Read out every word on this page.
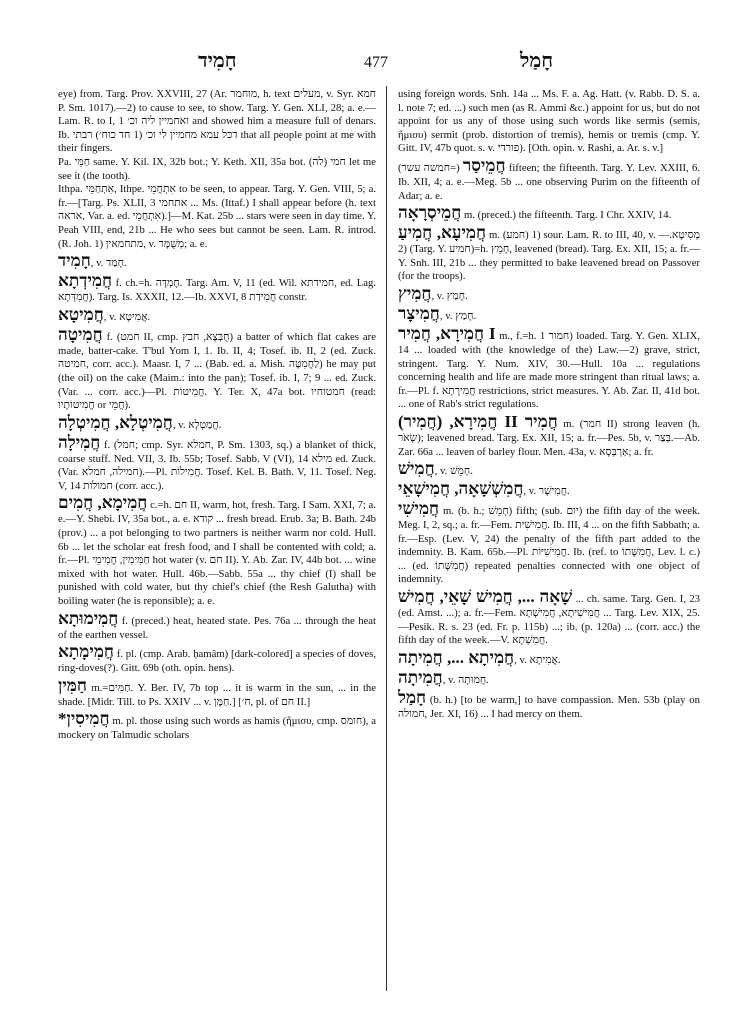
חָמִיד	477	חָמַל

eye) from. Targ. Prov. XXVIII, 27 (Ar. מוחמר, h. text מעלים, v. Syr. חמא P. Sm. 1017).—2) to cause to see, to show. Targ. Y. Gen. XLI, 28; a. e.—Lam. R. to I, 1 ואחמיין ליה וכ׳ and showed him a measure full of denars. Ib. דכל עמא מחמיין לי וכ׳ (1 חד כוח׳) רבתי that all people point at me with their fingers.

Pa. חַמֵּי same. Y. Kil. IX, 32b bot.; Y. Keth. XII, 35a bot. (לה) חמי let me see it (the tooth).

Ithpa. אִתְחַמֵּי, Ithpe. אִתְחֲמֵי to be seen, to appear. Targ. Y. Gen. VIII, 5; a. fr.—[Targ. Ps. XLII, 3 אתחמי ... Ms. (Ittaf.) I shall appear before (h. text אראה, Var. a. ed. אִתְחֲמֵי).]—M. Kat. 25b ... stars were seen in day time. Y. Peah VIII, end, 21b ... He who sees but cannot be seen. Lam. R. introd. (R. Joh. 1) מתחמאין, v. מְשֻׁמָּר; a. e.

חָמִיד, v. חָמַד.

חֲמִידְתָא f. ch.=h. חֶמְדָּה. Targ. Am. V, 11 (ed. Wil. חמידתא, ed. Lag. חֲמִדְּתָא). Targ. Is. XXXII, 12.—Ib. XXVI, 8 חֲמִידַת constr.

חֲמִיטָא, v. אֲמִיטָא.

חֲמִיטָה f. (חמט II, cmp. חֻבְּצָא, חבץ) a batter of which flat cakes are made, batter-cake. T'bul Yom I, 1. Ib. II, 4; Tosef. ib. II, 2 (ed. Zuck. חמיטה, corr. acc.). Maasr. I, 7 ... (Bab. ed. a. Mish. לַחֲמִטָּה) he may put (the oil) on the cake (Maim.: into the pan); Tosef. ib. I, 7; 9 ... ed. Zuck. (Var. ... corr. acc.)—Pl. חֲמִיטוֹת. Y. Ter. X, 47a bot. חמטוחיו (read: חֲמִיטוֹתָיו or חֲמֵי).

חֲמִיטְלָא, חֲמִיטְלָה, v. חֲמַטְלָא.

חֲמִילָה f. (חמל; cmp. Syr. חמלא, P. Sm. 1303, sq.) a blanket of thick, coarse stuff. Ned. VII, 3. Ib. 55b; Tosef. Sabb. V (VI), 14 מילא ed. Zuck. (Var. חמילה, חמלא).—Pl. חֲמִילוֹת. Tosef. Kel. B. Bath. V, 11. Tosef. Neg. V, 14 חמולות (corr. acc.).

חֲמִימָא, חֲמִים c.=h. חם II, warm, hot, fresh. Targ. I Sam. XXI, 7; a. e.—Y. Shebi. IV, 35a bot., a. e. קודא ... fresh bread. Erub. 3a; B. Bath. 24b (prov.) ... a pot belonging to two partners is neither warm nor cold. Hull. 6b ... let the scholar eat fresh food, and I shall be contented with cold; a. fr.—Pl. חַמִּימִין, חֲמִימֵי hot water (v. חם II). Y. Ab. Zar. IV, 44b bot. ... wine mixed with hot water. Hull. 46b.—Sabb. 55a ... thy chief (I) shall be punished with cold water, but thy chief's chief (the Resh Galutha) with boiling water (he is reponsible); a. e.

חֲמִימוּתָא f. (preced.) heat, heated state. Pes. 76a ... through the heat of the earthen vessel.

חֲמִימָתָא f. pl. (cmp. Arab. ḥamâm) [dark-colored] a species of doves, ring-doves(?). Gitt. 69b (oth. opin. hens).

חַמִּין m.=חַמִּים. Y. Ber. IV, 7b top ... it is warm in the sun, ... in the shade. [Midr. Till. to Ps. XXIV ... v. חַמָּן.] [ח׳, pl. of חם II.]

*חֲמִיסִין m. pl. those using such words as hamis (ἥμισυ, cmp. חומס), a mockery on Talmudic scholars

using foreign words. Snh. 14a ... Ms. F. a. Ag. Hatt. (v. Rabb. D. S. a. l. note 7; ed. ...) such men (as R. Ammi &c.) appoint for us, but do not appoint for us any of those using such words like sermis (semis, ἥμισυ) sermit (prob. distortion of tremis), hemis or tremis (cmp. Y. Gitt. IV, 47b quot. s. v. פורדי). [Oth. opin. v. Rashi, a. Ar. s. v.]

חֲמֵיסַר (=חמשה עשר) fifteen; the fifteenth. Targ. Y. Lev. XXIII, 6. Ib. XII, 4; a. e.—Meg. 5b ... one observing Purim on the fifteenth of Adar; a. e.

חֲמֵיסְרָאָה m. (preced.) the fifteenth. Targ. I Chr. XXIV, 14.

חֲמִיעָא, חֲמִיעַ m. (חמע) 1) sour. Lam. R. to III, 40, v. מְסִיטָא.—2) (Targ. Y. חמיע)=h. חָמֵץ, leavened (bread). Targ. Ex. XII, 15; a. fr.—Y. Snh. III, 21b ... they permitted to bake leavened bread on Passover (for the troops).

חֲמִיץ, v. חָמַץ.

חֲמִיצָר, v. חָמַץ.

חֲמִירָא, חֲמִיר I m., f.=h. חמור 1) loaded. Targ. Y. Gen. XLIX, 14 ... loaded with (the knowledge of the) Law.—2) grave, strict, stringent. Targ. Y. Num. XIV, 30.—Hull. 10a ... regulations concerning health and life are made more stringent than ritual laws; a. fr.—Pl. f. חֲמִירָתָא restrictions, strict measures. Y. Ab. Zar. II, 41d bot. ... one of Rab's strict regulations.

חֲמִירָא, (חֲמִיר) II חֲמִיר m. (חמר II) strong leaven (h. שְׂאֹר); leavened bread. Targ. Ex. XII, 15; a. fr.—Pes. 5b, v. בְּצַר.—Ab. Zar. 66a ... leaven of barley flour. Men. 43a, v. אַרְבְּסָא; a. fr.

חֲמִישׁ, v. חָמֵשׁ.

חֲמִשְׁשָׁאָה, חֲמִישָׁאֵי, v. חֲמִישָׁר.

חֲמִישִׁי m. (b. h.; חָמֵשׁ) fifth; (sub. יום) the fifth day of the week. Meg. I, 2, sq.; a. fr.—Fem. חֲמִישִׁית. Ib. III, 4 ... on the fifth Sabbath; a. fr.—Esp. (Lev. V, 24) the penalty of the fifth part added to the indemnity. B. Kam. 65b.—Pl. חֲמִישִׁיּוֹת. Ib. (ref. to חֲמִשָּׁתוֹ, Lev. l. c.) ... (ed. חֲמִשָּׁתוֹ) repeated penalties connected with one object of indemnity.

שָׁאָה ..., חֲמִישׁ שָׁאֵי, חֲמִישׁ ... ch. same. Targ. Gen. I, 23 (ed. Amst. ...); a. fr.—Fem. חֲמִישִׁיתָא, חֲמִישְׁתָא ... Targ. Lev. XIX, 25.—Pesik. R. s. 23 (ed. Fr. p. 115b) ...; ib. (p. 120a) ... (corr. acc.) the fifth day of the week.—V. חֲמִשְׁתָא.

חֲמִיתָא ..., חֲמִיתָה, v. אֲמִיתָא.

חֲמִיתָה, v. חֲמוּתָה.

חָמַל (b. h.) [to be warm,] to have compassion. Men. 53b (play on חמולה, Jer. XI, 16) ... I had mercy on them.
